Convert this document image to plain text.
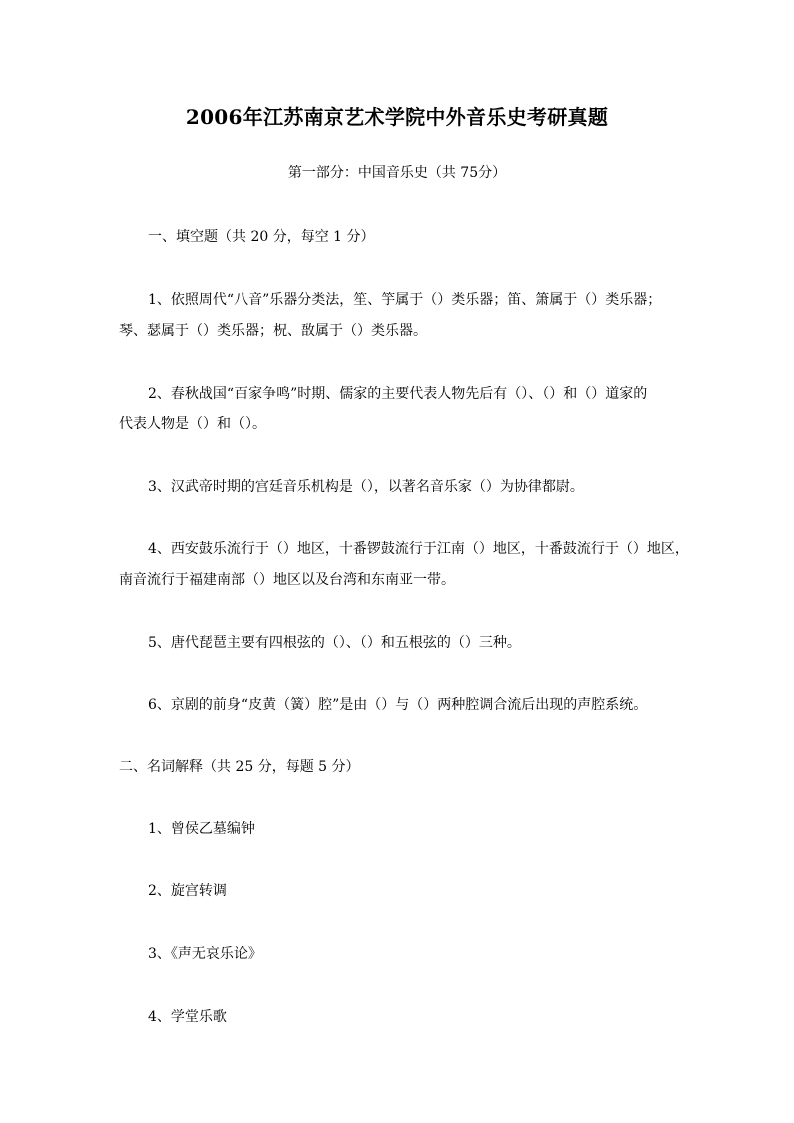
2006年江苏南京艺术学院中外音乐史考研真题
第一部分：中国音乐史（共 75分）
一、填空题（共 20 分，每空 1 分）
1、依照周代“八音”乐器分类法，笙、竽属于（）类乐器；笛、箫属于（）类乐器；
琴、瑟属于（）类乐器；柷、敔属于（）类乐器。
2、春秋战国“百家争鸣”时期、儒家的主要代表人物先后有（）、（）和（）道家的
代表人物是（）和（）。
3、汉武帝时期的宫廷音乐机构是（），以著名音乐家（）为协律都尉。
4、西安鼓乐流行于（）地区，十番锣鼓流行于江南（）地区，十番鼓流行于（）地区，
南音流行于福建南部（）地区以及台湾和东南亚一带。
5、唐代琵琶主要有四根弦的（）、（）和五根弦的（）三种。
6、京剧的前身“皮黄（簧）腔”是由（）与（）两种腔调合流后出现的声腔系统。
二、名词解释（共 25 分，每题 5 分）
1、曾侯乙墓编钟
2、旋宫转调
3、《声无哀乐论》
4、学堂乐歌
